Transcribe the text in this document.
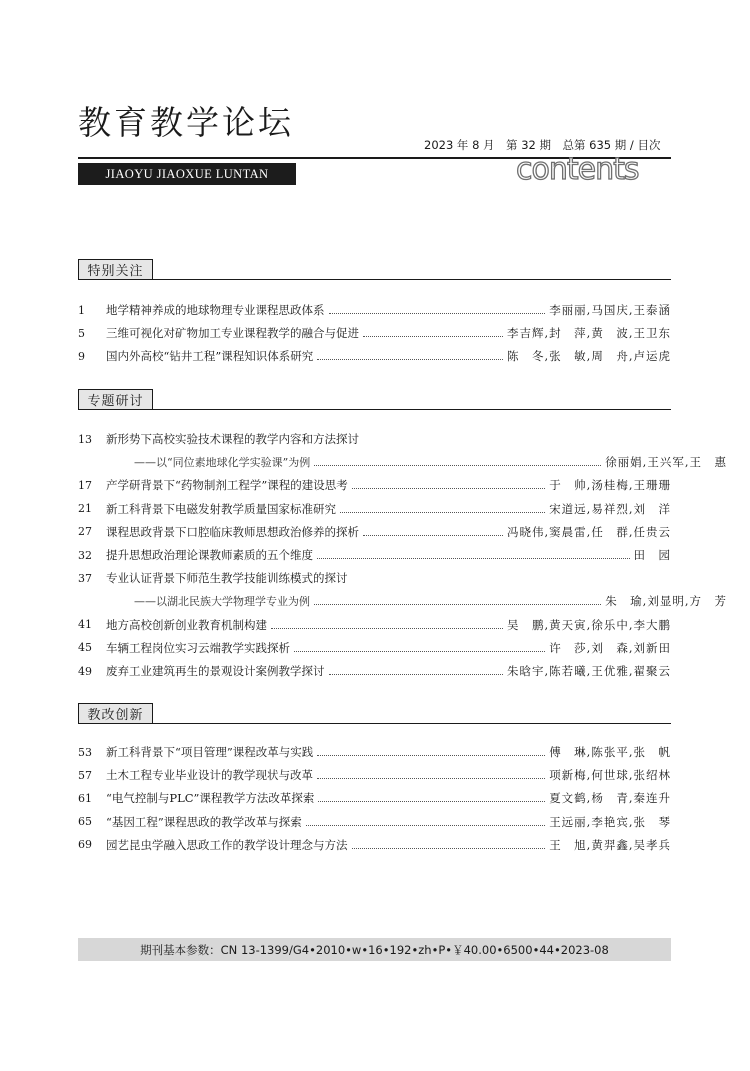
教育教学论坛
2023 年 8 月　第 32 期　总第 635 期 / 目次
JIAOYU JIAOXUE LUNTAN	contents
特别关注
1	地学精神养成的地球物理专业课程思政体系	李丽丽,马国庆,王泰涵
5	三维可视化对矿物加工专业课程教学的融合与促进	李吉辉,封　萍,黄　波,王卫东
9	国内外高校“钻井工程”课程知识体系研究	陈　冬,张　敏,周　舟,卢运虎
专题研讨
13	新形势下高校实验技术课程的教学内容和方法探讨
——以“同位素地球化学实验课”为例	徐丽娟,王兴军,王　惠
17	产学研背景下“药物制剂工程学”课程的建设思考	于　帅,汤桂梅,王珊珊
21	新工科背景下电磁发射教学质量国家标准研究	宋道远,易祥烈,刘　洋
27	课程思政背景下口腔临床教师思想政治修养的探析	冯晓伟,窦晨雷,任　群,任贵云
32	提升思想政治理论课教师素质的五个维度	田　园
37	专业认证背景下师范生教学技能训练模式的探讨
——以湖北民族大学物理学专业为例	朱　瑜,刘显明,方　芳
41	地方高校创新创业教育机制构建	吴　鹏,黄天寅,徐乐中,李大鹏
45	车辆工程岗位实习云端教学实践探析	许　莎,刘　森,刘新田
49	废弃工业建筑再生的景观设计案例教学探讨	朱晗宇,陈若曦,王优雅,翟聚云
教改创新
53	新工科背景下“项目管理”课程改革与实践	傅　琳,陈张平,张　帆
57	土木工程专业毕业设计的教学现状与改革	项新梅,何世球,张绍林
61	“电气控制与PLC”课程教学方法改革探索	夏文鹤,杨　青,秦连升
65	“基因工程”课程思政的教学改革与探索	王远丽,李艳宾,张　琴
69	园艺昆虫学融入思政工作的教学设计理念与方法	王　旭,黄羿鑫,吴孝兵
期刊基本参数：CN 13-1399/G4•2010•w•16•192•zh•P•￥40.00•6500•44•2023-08
